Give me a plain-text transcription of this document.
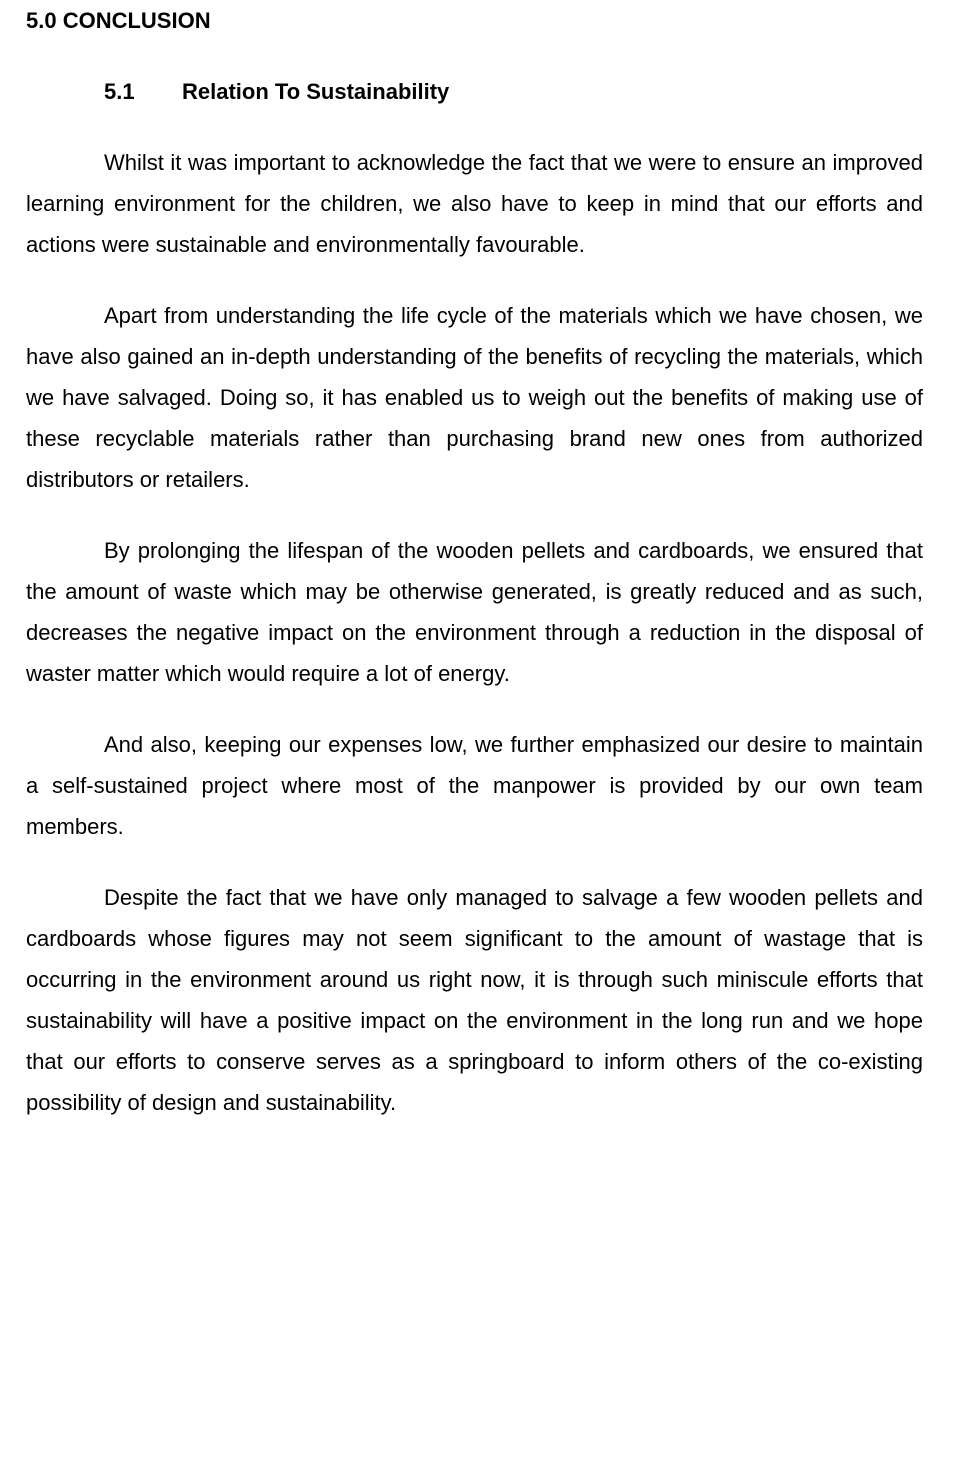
5.0 CONCLUSION
5.1 Relation To Sustainability

Whilst it was important to acknowledge the fact that we were to ensure an improved learning environment for the children, we also have to keep in mind that our efforts and actions were sustainable and environmentally favourable.

Apart from understanding the life cycle of the materials which we have chosen, we have also gained an in-depth understanding of the benefits of recycling the materials, which we have salvaged. Doing so, it has enabled us to weigh out the benefits of making use of these recyclable materials rather than purchasing brand new ones from authorized distributors or retailers.

By prolonging the lifespan of the wooden pellets and cardboards, we ensured that the amount of waste which may be otherwise generated, is greatly reduced and as such, decreases the negative impact on the environment through a reduction in the disposal of waster matter which would require a lot of energy.

And also, keeping our expenses low, we further emphasized our desire to maintain a self-sustained project where most of the manpower is provided by our own team members.

Despite the fact that we have only managed to salvage a few wooden pellets and cardboards whose figures may not seem significant to the amount of wastage that is occurring in the environment around us right now, it is through such miniscule efforts that sustainability will have a positive impact on the environment in the long run and we hope that our efforts to conserve serves as a springboard to inform others of the co-existing possibility of design and sustainability.
